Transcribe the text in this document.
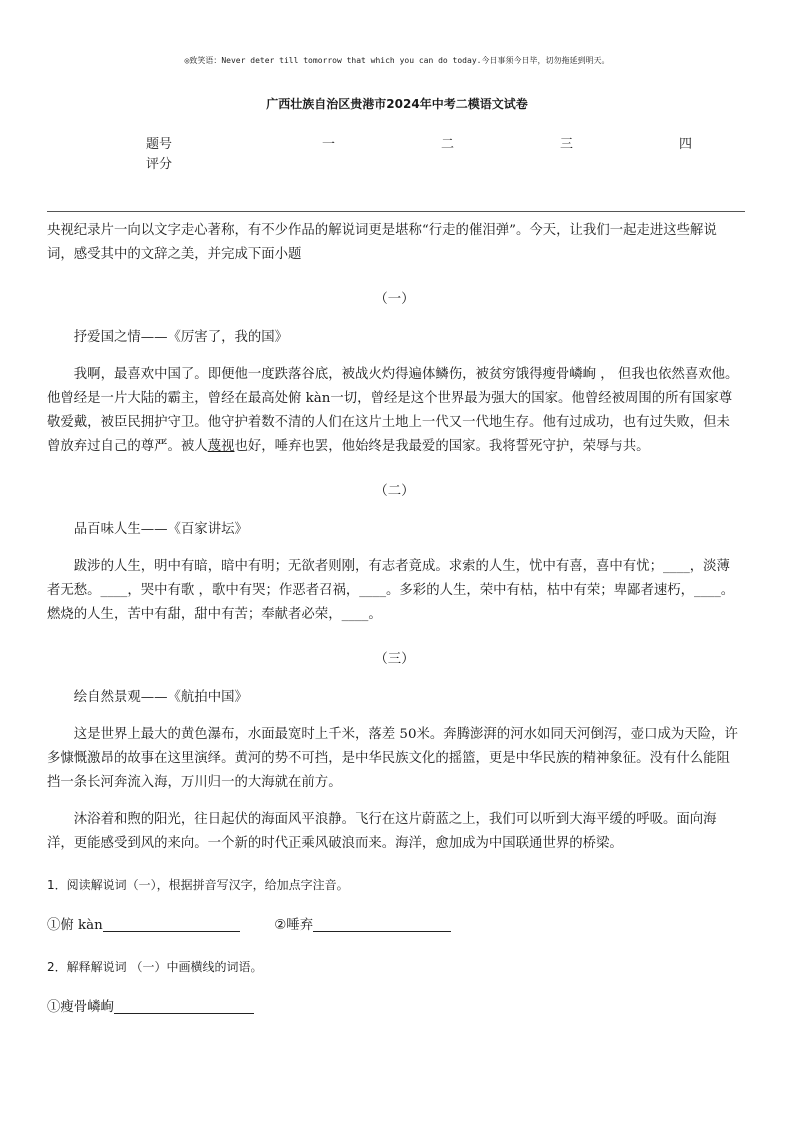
◎致笑语：Never deter till tomorrow that which you can do today.今日事须今日毕，切勿拖延到明天。
广西壮族自治区贵港市2024年中考二模语文试卷
题号	一	二	三	四
评分

央视纪录片一向以文字走心著称，有不少作品的解说词更是堪称“行走的催泪弹”。今天，让我们一起走进这些解说词，感受其中的文辞之美，并完成下面小题

（一）

抒爱国之情——《厉害了，我的国》

我啊，最喜欢中国了。即便他一度跌落谷底，被战火灼得遍体鳞伤，被贫穷饿得瘦骨嶙峋 ， 但我也依然喜欢他。他曾经是一片大陆的霸主，曾经在最高处俯 kàn一切，曾经是这个世界最为强大的国家。他曾经被周围的所有国家尊敬爱戴，被臣民拥护守卫。他守护着数不清的人们在这片土地上一代又一代地生存。他有过成功，也有过失败，但未曾放弃过自己的尊严。被人蔑视也好，唾弃也罢，他始终是我最爱的国家。我将誓死守护，荣辱与共。

（二）

品百味人生——《百家讲坛》

跋涉的人生，明中有暗，暗中有明；无欲者则刚，有志者竟成。求索的人生，忧中有喜，喜中有忧；____，淡薄者无愁。____，哭中有歌 ，歌中有哭；作恶者召祸，____。多彩的人生，荣中有枯，枯中有荣；卑鄙者速朽，____。燃烧的人生，苦中有甜，甜中有苦；奉献者必荣，____。

（三）

绘自然景观——《航拍中国》

这是世界上最大的黄色瀑布，水面最宽时上千米，落差 50米。奔腾澎湃的河水如同天河倒泻，壶口成为天险，许多慷慨激昂的故事在这里演绎。黄河的势不可挡，是中华民族文化的摇篮，更是中华民族的精神象征。没有什么能阻挡一条长河奔流入海，万川归一的大海就在前方。

沐浴着和煦的阳光，往日起伏的海面风平浪静。飞行在这片蔚蓝之上，我们可以听到大海平缓的呼吸。面向海洋，更能感受到风的来向。一个新的时代正乘风破浪而来。海洋，愈加成为中国联通世界的桥梁。

1．阅读解说词（一），根据拼音写汉字，给加点字注音。

①俯 kàn	②唾弃

2．解释解说词 （一）中画横线的词语。

①瘦骨嶙峋
